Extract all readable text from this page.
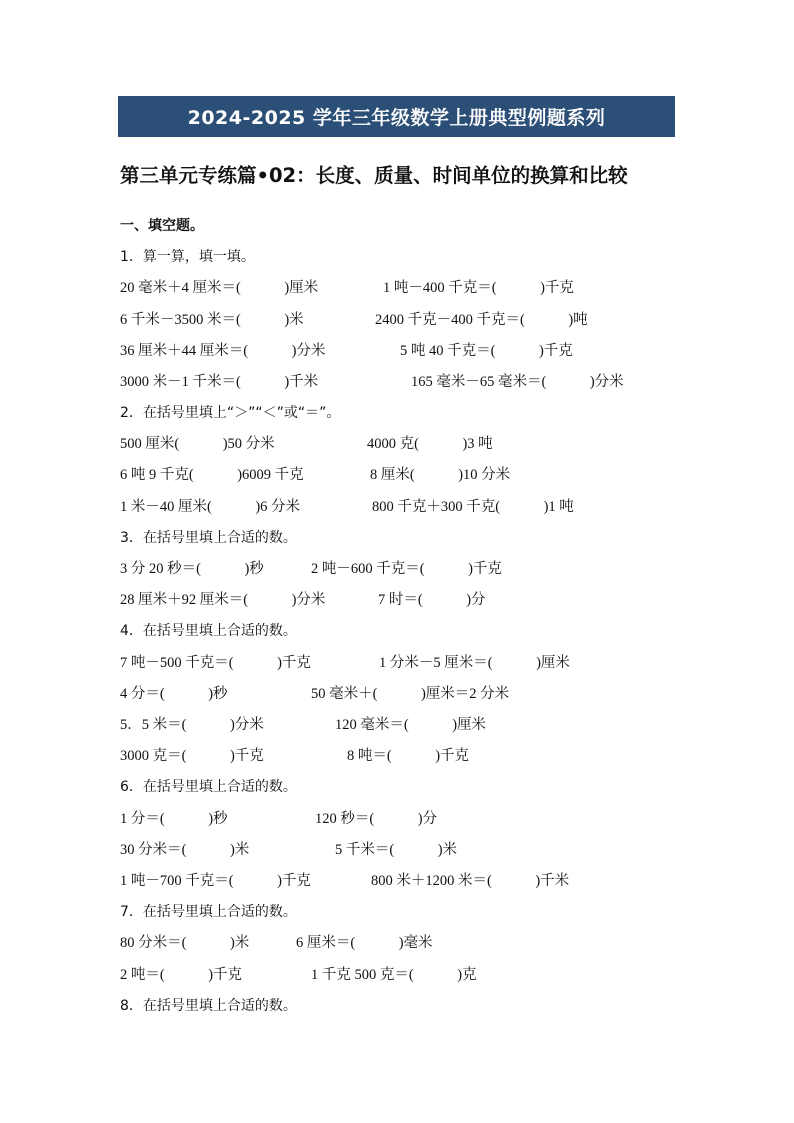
2024-2025 学年三年级数学上册典型例题系列
第三单元专练篇•02：长度、质量、时间单位的换算和比较
一、填空题。
1．算一算，填一填。
20 毫米＋4 厘米＝(            )厘米	1 吨－400 千克＝(            )千克
6 千米－3500 米＝(            )米	2400 千克－400 千克＝(            )吨
36 厘米＋44 厘米＝(            )分米	5 吨 40 千克＝(            )千克
3000 米－1 千米＝(            )千米	165 毫米－65 毫米＝(            )分米
2．在括号里填上“＞”“＜”或“＝”。
500 厘米(            )50 分米	4000 克(            )3 吨
6 吨 9 千克(            )6009 千克	8 厘米(            )10 分米
1 米－40 厘米(            )6 分米	800 千克＋300 千克(            )1 吨
3．在括号里填上合适的数。
3 分 20 秒＝(            )秒	2 吨－600 千克＝(            )千克
28 厘米＋92 厘米＝(            )分米	7 时＝(            )分
4．在括号里填上合适的数。
7 吨－500 千克＝(            )千克	1 分米－5 厘米＝(            )厘米
4 分＝(            )秒	50 毫米＋(            )厘米＝2 分米
5．5 米＝(            )分米	120 毫米＝(            )厘米
3000 克＝(            )千克	8 吨＝(            )千克
6．在括号里填上合适的数。
1 分＝(            )秒	120 秒＝(            )分
30 分米＝(            )米	5 千米＝(            )米
1 吨－700 千克＝(            )千克	800 米＋1200 米＝(            )千米
7．在括号里填上合适的数。
80 分米＝(            )米	6 厘米＝(            )毫米
2 吨＝(            )千克	1 千克 500 克＝(            )克
8．在括号里填上合适的数。
